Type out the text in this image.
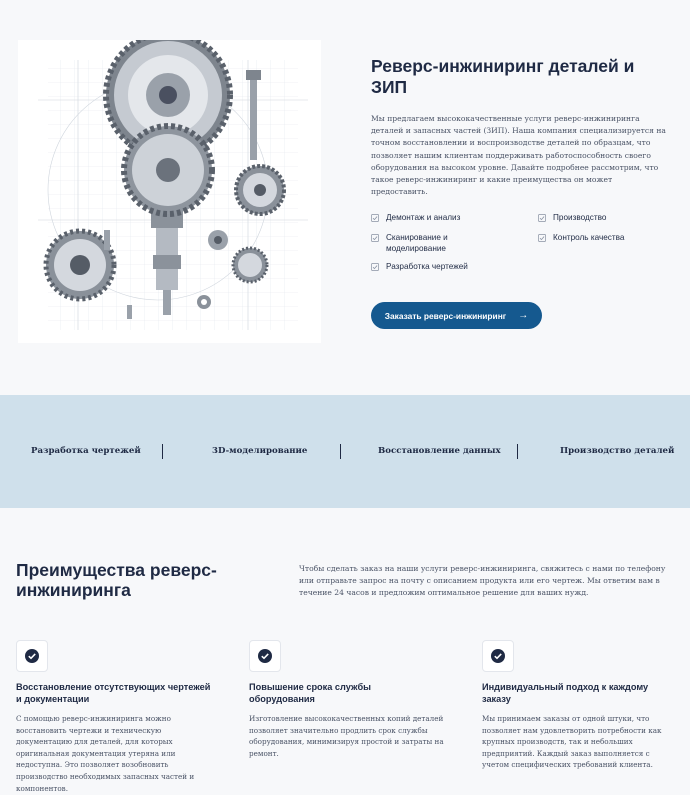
Реверс-инжиниринг деталей и ЗИП

Мы предлагаем высококачественные услуги реверс-инжиниринга деталей и запасных частей (ЗИП). Наша компания специализируется на точном восстановлении и воспроизводстве деталей по образцам, что позволяет нашим клиентам поддерживать работоспособность своего оборудования на высоком уровне. Давайте подробнее рассмотрим, что такое реверс-инжиниринг и какие преимущества он может предоставить.

Демонтаж и анализ	Производство
Сканирование и моделирование
Контроль качества
Разработка чертежей
Заказать реверс-инжиниринг →
Разработка чертежей	3D-моделирование	Восстановление данных	Производство деталей
Преимущества реверс-инжиниринга

Чтобы сделать заказ на наши услуги реверс-инжиниринга, свяжитесь с нами по телефону или отправьте запрос на почту с описанием продукта или его чертеж. Мы ответим вам в течение 24 часов и предложим оптимальное решение для ваших нужд.

Восстановление отсутствующих чертежей и документации

С помощью реверс-инжиниринга можно восстановить чертежи и техническую документацию для деталей, для которых оригинальная документация утеряна или недоступна. Это позволяет возобновить производство необходимых запасных частей и компонентов.

Повышение срока службы оборудования

Изготовление высококачественных копий деталей позволяет значительно продлить срок службы оборудования, минимизируя простой и затраты на ремонт.

Индивидуальный подход к каждому заказу

Мы принимаем заказы от одной штуки, что позволяет нам удовлетворить потребности как крупных производств, так и небольших предприятий. Каждый заказ выполняется с учетом специфических требований клиента.
